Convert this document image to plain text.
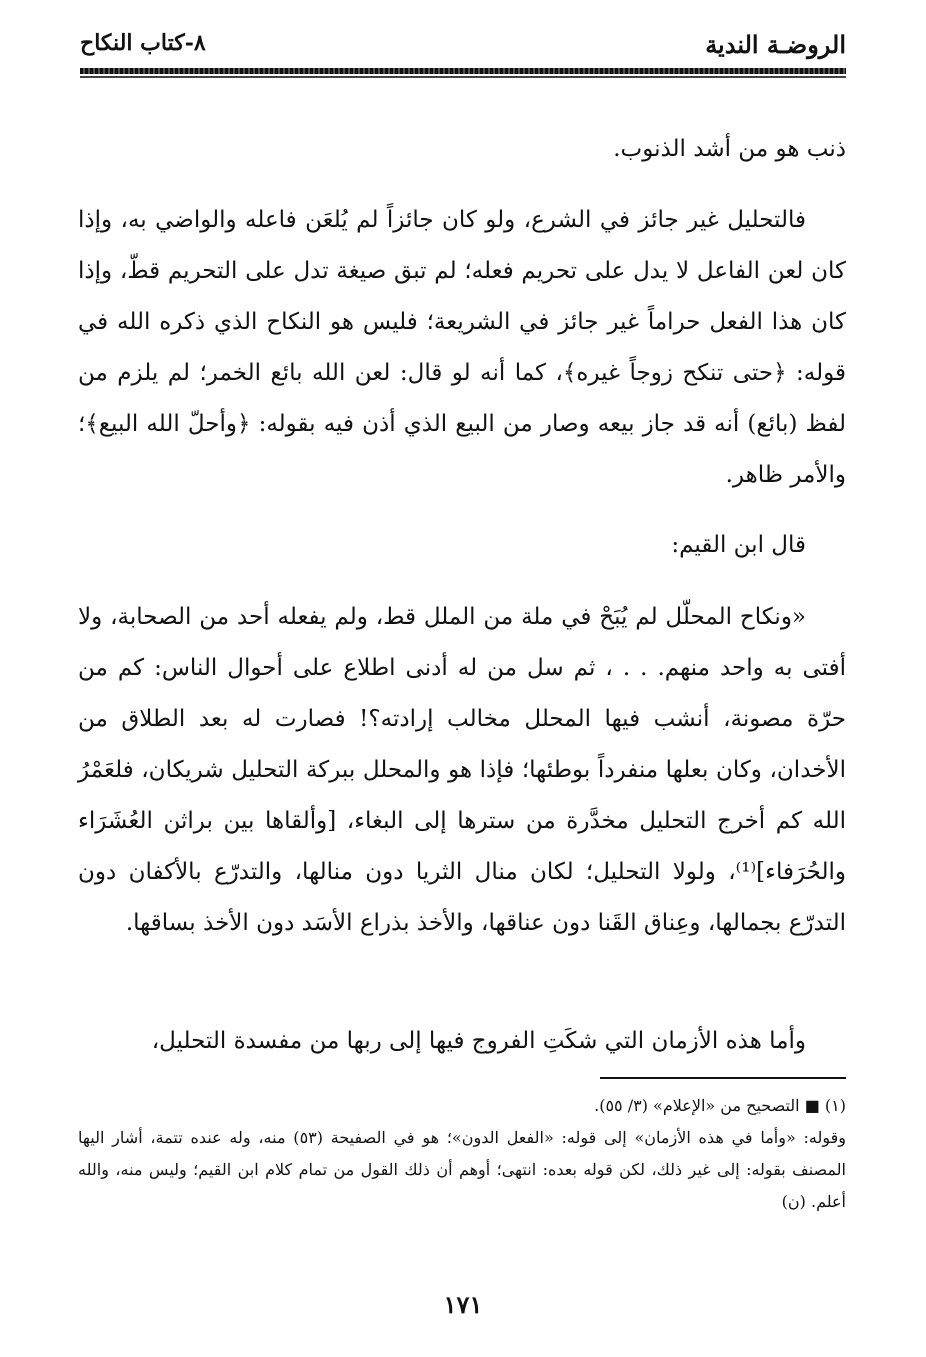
الروضـة الندية
٨-كتاب النكاح

ذنب هو من أشد الذنوب.

فالتحليل غير جائز في الشرع، ولو كان جائزاً لم يُلعَن فاعله والواضي به، وإذا كان لعن الفاعل لا يدل على تحريم فعله؛ لم تبق صيغة تدل على التحريم قطّ، وإذا كان هذا الفعل حراماً غير جائز في الشريعة؛ فليس هو النكاح الذي ذكره الله في قوله: ﴿حتى تنكح زوجاً غيره﴾، كما أنه لو قال: لعن الله بائع الخمر؛ لم يلزم من لفظ (بائع) أنه قد جاز بيعه وصار من البيع الذي أذن فيه بقوله: ﴿وأحلّ الله البيع﴾؛ والأمر ظاهر.

قال ابن القيم:

«ونكاح المحلّل لم يُبَحْ في ملة من الملل قط، ولم يفعله أحد من الصحابة، ولا أفتى به واحد منهم. . . ، ثم سل من له أدنى اطلاع على أحوال الناس: كم من حرّة مصونة، أنشب فيها المحلل مخالب إرادته؟! فصارت له بعد الطلاق من الأخدان، وكان بعلها منفرداً بوطئها؛ فإذا هو والمحلل ببركة التحليل شريكان، فلعَمْرُ الله كم أخرج التحليل مخدَّرة من سترها إلى البغاء، [وألقاها بين براثن العُشَرَاء والحُرَفاء]⁽¹⁾، ولولا التحليل؛ لكان منال الثريا دون منالها، والتدرّع بالأكفان دون التدرّع بجمالها، وعِناق القَنا دون عناقها، والأخذ بذراع الأسَد دون الأخذ بساقها.

وأما هذه الأزمان التي شكَتِ الفروج فيها إلى ربها من مفسدة التحليل،

(١) ■ التصحيح من «الإعلام» (٣/ ٥٥).

وقوله: «وأما في هذه الأزمان» إلى قوله: «الفعل الدون»؛ هو في الصفيحة (٥٣) منه، وله عنده تتمة، أشار اليها المصنف بقوله: إلى غير ذلك، لكن قوله بعده: انتهى؛ أوهم أن ذلك القول من تمام كلام ابن القيم؛ وليس منه، والله أعلم. (ن)

١٧١
